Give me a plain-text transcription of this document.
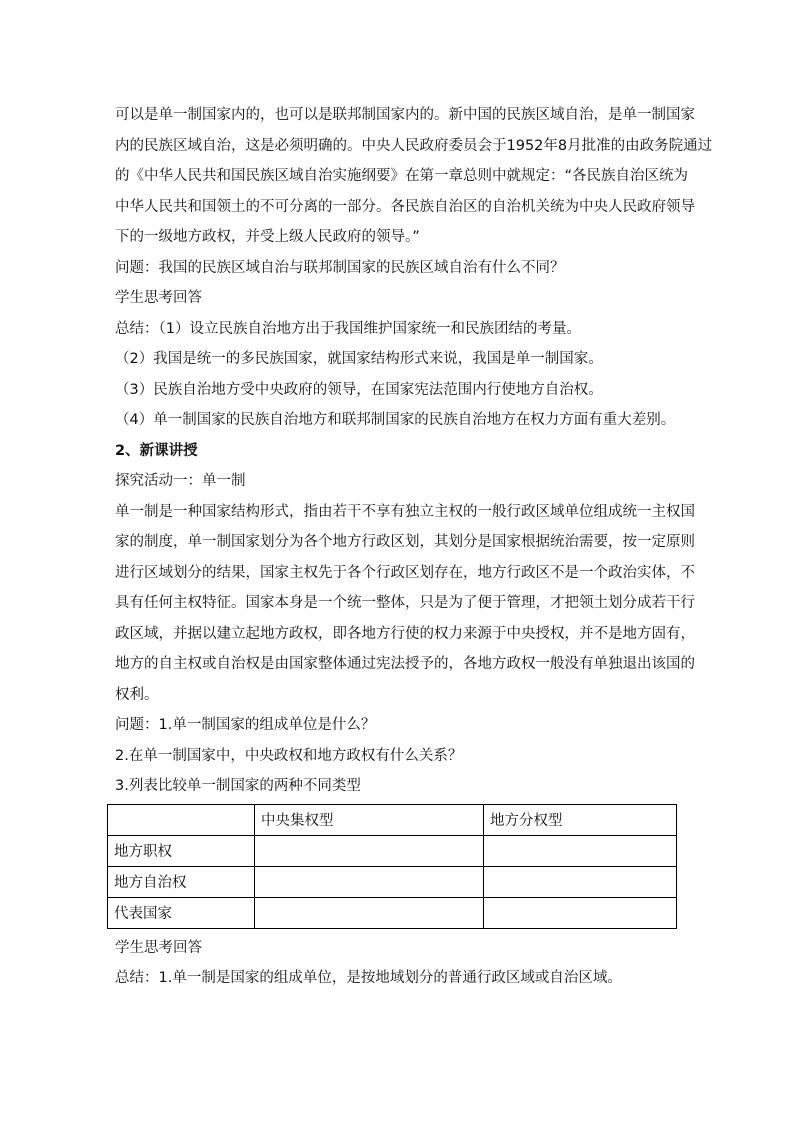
可以是单一制国家内的，也可以是联邦制国家内的。新中国的民族区域自治，是单一制国家

内的民族区域自治，这是必须明确的。中央人民政府委员会于1952年8月批准的由政务院通过

的《中华人民共和国民族区域自治实施纲要》在第一章总则中就规定：“各民族自治区统为

中华人民共和国领土的不可分离的一部分。各民族自治区的自治机关统为中央人民政府领导

下的一级地方政权，并受上级人民政府的领导。”

问题：我国的民族区域自治与联邦制国家的民族区域自治有什么不同？

学生思考回答

总结：（1）设立民族自治地方出于我国维护国家统一和民族团结的考量。

（2）我国是统一的多民族国家，就国家结构形式来说，我国是单一制国家。

（3）民族自治地方受中央政府的领导，在国家宪法范围内行使地方自治权。

（4）单一制国家的民族自治地方和联邦制国家的民族自治地方在权力方面有重大差别。

2、新课讲授

探究活动一：单一制

单一制是一种国家结构形式，指由若干不享有独立主权的一般行政区域单位组成统一主权国

家的制度，单一制国家划分为各个地方行政区划，其划分是国家根据统治需要，按一定原则

进行区域划分的结果，国家主权先于各个行政区划存在，地方行政区不是一个政治实体，不

具有任何主权特征。国家本身是一个统一整体，只是为了便于管理，才把领土划分成若干行

政区域，并据以建立起地方政权，即各地方行使的权力来源于中央授权，并不是地方固有，

地方的自主权或自治权是由国家整体通过宪法授予的，各地方政权一般没有单独退出该国的

权利。

问题：1.单一制国家的组成单位是什么？

2.在单一制国家中，中央政权和地方政权有什么关系？

3.列表比较单一制国家的两种不同类型

	中央集权型	地方分权型
地方职权		
地方自治权		
代表国家		

学生思考回答

总结：1.单一制是国家的组成单位，是按地域划分的普通行政区域或自治区域。
